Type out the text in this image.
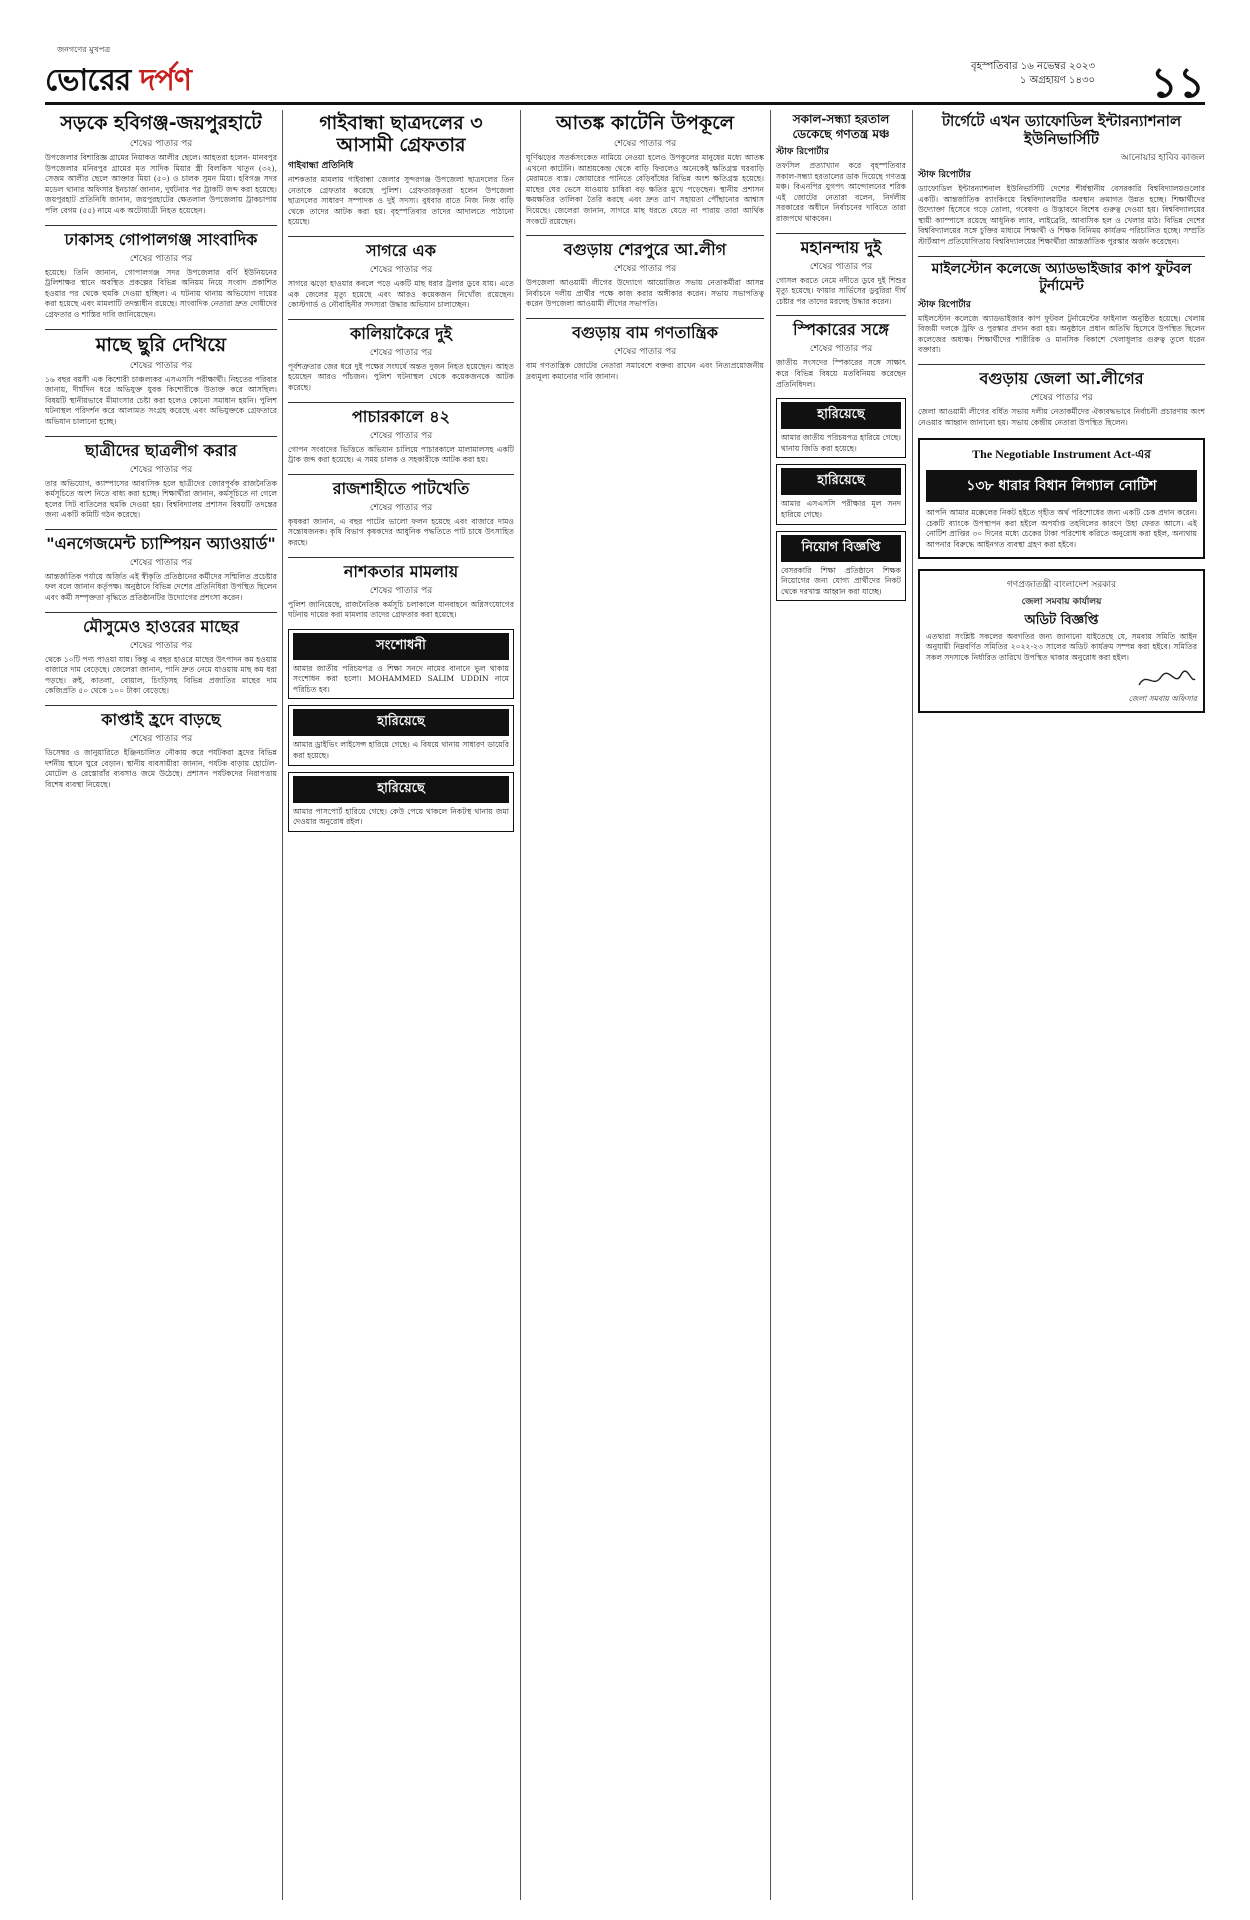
জনগণের মুখপত্র
ভোরের দর্পণ	বৃহস্পতিবার ১৬ নভেম্বর ২০২৩
১ অগ্রহায়ণ ১৪৩০ ১১
সড়কে হবিগঞ্জ-জয়পুরহাটে
শেষের পাতার পর
উপজেলার বিশারিজ্ঞ গ্রামের নিয়াকত আলীর ছেলে। আহতরা হলেন- মানবপুর উপজেলার মনিরপুর গ্রামের মৃত সাদিক মিয়ার স্ত্রী বিলকিস খাতুন (৩২), সেজম আলীর ছেলে আক্তার মিয়া (৫০) ও চালক সুমন মিয়া। হবিগঞ্জ সদর মডেল থানার অফিসার ইনচার্জ জানান, দুর্ঘটনার পর ট্রাকটি জব্দ করা হয়েছে। জয়পুরহাট প্রতিনিধি জানান, জয়পুরহাটের ক্ষেতলাল উপজেলায় ট্রাকচাপায় পলি বেগম (৫৫) নামে এক অটোযাত্রী নিহত হয়েছেন।
ঢাকাসহ গোপালগঞ্জ সাংবাদিক
শেষের পাতার পর
হয়েছে। তিনি জানান, গোপালগঞ্জ সদর উপজেলার বর্ণি ইউনিয়নের ট্রলিশাক্ষর স্থানে অবস্থিত প্রকল্পের বিভিন্ন অনিয়ম নিয়ে সংবাদ প্রকাশিত হওয়ার পর থেকে হুমকি দেওয়া হচ্ছিল। এ ঘটনায় থানায় অভিযোগ দায়ের করা হয়েছে এবং মামলাটি তদন্তাধীন রয়েছে। সাংবাদিক নেতারা দ্রুত দোষীদের গ্রেফতার ও শাস্তির দাবি জানিয়েছেন।
মাছে ছুরি দেখিয়ে
শেষের পাতার পর
১৬ বছর বয়সী এক কিশোরী চাঞ্চল্যকর এসএসসি পরীক্ষার্থী। নিহতের পরিবার জানায়, দীর্ঘদিন ধরে অভিযুক্ত যুবক কিশোরীকে উত্যক্ত করে আসছিল। বিষয়টি স্থানীয়ভাবে মীমাংসার চেষ্টা করা হলেও কোনো সমাধান হয়নি। পুলিশ ঘটনাস্থল পরিদর্শন করে আলামত সংগ্রহ করেছে এবং অভিযুক্তকে গ্রেফতারে অভিযান চালানো হচ্ছে।
ছাত্রীদের ছাত্রলীগ করার
শেষের পাতার পর
তার অভিযোগ, ক্যাম্পাসের আবাসিক হলে ছাত্রীদের জোরপূর্বক রাজনৈতিক কর্মসূচিতে অংশ নিতে বাধ্য করা হচ্ছে। শিক্ষার্থীরা জানান, কর্মসূচিতে না গেলে হলের সিট বাতিলের হুমকি দেওয়া হয়। বিশ্ববিদ্যালয় প্রশাসন বিষয়টি তদন্তের জন্য একটি কমিটি গঠন করেছে।
"এনগেজমেন্ট চ্যাম্পিয়ন অ্যাওয়ার্ড"
শেষের পাতার পর
আন্তর্জাতিক পর্যায়ে অর্জিত এই স্বীকৃতি প্রতিষ্ঠানের কর্মীদের সম্মিলিত প্রচেষ্টার ফল বলে জানান কর্তৃপক্ষ। অনুষ্ঠানে বিভিন্ন দেশের প্রতিনিধিরা উপস্থিত ছিলেন এবং কর্মী সম্পৃক্ততা বৃদ্ধিতে প্রতিষ্ঠানটির উদ্যোগের প্রশংসা করেন।
মৌসুমেও হাওরের মাছের
শেষের পাতার পর
থেকে ১০টি পণ্য পাওয়া যায়। কিন্তু এ বছর হাওরে মাছের উৎপাদন কম হওয়ায় বাজারে দাম বেড়েছে। জেলেরা জানান, পানি দ্রুত নেমে যাওয়ায় মাছ কম ধরা পড়ছে। রুই, কাতলা, বোয়াল, চিংড়িসহ বিভিন্ন প্রজাতির মাছের দাম কেজিপ্রতি ৫০ থেকে ১০০ টাকা বেড়েছে।
কাপ্তাই হ্রদে বাড়ছে
শেষের পাতার পর
ডিসেম্বর ও জানুয়ারিতে ইঞ্জিনচালিত নৌকায় করে পর্যটকরা হ্রদের বিভিন্ন দর্শনীয় স্থানে ঘুরে বেড়ান। স্থানীয় ব্যবসায়ীরা জানান, পর্যটক বাড়ায় হোটেল-মোটেল ও রেস্তোরাঁর ব্যবসাও জমে উঠেছে। প্রশাসন পর্যটকদের নিরাপত্তায় বিশেষ ব্যবস্থা নিয়েছে।
গাইবান্ধা ছাত্রদলের ৩ আসামী গ্রেফতার
গাইবান্ধা প্রতিনিধি
নাশকতার মামলায় গাইবান্ধা জেলার সুন্দরগঞ্জ উপজেলা ছাত্রদলের তিন নেতাকে গ্রেফতার করেছে পুলিশ। গ্রেফতারকৃতরা হলেন উপজেলা ছাত্রদলের সাধারণ সম্পাদক ও দুই সদস্য। বুধবার রাতে নিজ নিজ বাড়ি থেকে তাদের আটক করা হয়। বৃহস্পতিবার তাদের আদালতে পাঠানো হয়েছে।
সাগরে এক
শেষের পাতার পর
সাগরে ঝড়ো হাওয়ার কবলে পড়ে একটি মাছ ধরার ট্রলার ডুবে যায়। এতে এক জেলের মৃত্যু হয়েছে এবং আরও কয়েকজন নিখোঁজ রয়েছেন। কোস্টগার্ড ও নৌবাহিনীর সদস্যরা উদ্ধার অভিযান চালাচ্ছেন।
কালিয়াকৈরে দুই
শেষের পাতার পর
পূর্বশত্রুতার জের ধরে দুই পক্ষের সংঘর্ষে অন্তত দুজন নিহত হয়েছেন। আহত হয়েছেন আরও পাঁচজন। পুলিশ ঘটনাস্থল থেকে কয়েকজনকে আটক করেছে।
পাচারকালে ৪২
শেষের পাতার পর
গোপন সংবাদের ভিত্তিতে অভিযান চালিয়ে পাচারকালে মালামালসহ একটি ট্রাক জব্দ করা হয়েছে। এ সময় চালক ও সহকারীকে আটক করা হয়।
রাজশাহীতে পাটখেতি
শেষের পাতার পর
কৃষকরা জানান, এ বছর পাটের ভালো ফলন হয়েছে এবং বাজারে দামও সন্তোষজনক। কৃষি বিভাগ কৃষকদের আধুনিক পদ্ধতিতে পাট চাষে উৎসাহিত করছে।
নাশকতার মামলায়
শেষের পাতার পর
পুলিশ জানিয়েছে, রাজনৈতিক কর্মসূচি চলাকালে যানবাহনে অগ্নিসংযোগের ঘটনায় দায়ের করা মামলায় তাদের গ্রেফতার করা হয়েছে।
সংশোধনী
আমার জাতীয় পরিচয়পত্র ও শিক্ষা সনদে নামের বানানে ভুল থাকায় সংশোধন করা হলো। MOHAMMED SALIM UDDIN নামে পরিচিত হব।
হারিয়েছে
আমার ড্রাইভিং লাইসেন্স হারিয়ে গেছে। এ বিষয়ে থানায় সাধারণ ডায়েরি করা হয়েছে।
হারিয়েছে
আমার পাসপোর্ট হারিয়ে গেছে। কেউ পেয়ে থাকলে নিকটস্থ থানায় জমা দেওয়ার অনুরোধ রইল।
আতঙ্ক কাটেনি উপকূলে
শেষের পাতার পর
ঘূর্ণিঝড়ের সতর্কসংকেত নামিয়ে নেওয়া হলেও উপকূলের মানুষের মধ্যে আতঙ্ক এখনো কাটেনি। আশ্রয়কেন্দ্র থেকে বাড়ি ফিরলেও অনেকেই ক্ষতিগ্রস্ত ঘরবাড়ি মেরামতে ব্যস্ত। জোয়ারের পানিতে বেড়িবাঁধের বিভিন্ন অংশ ক্ষতিগ্রস্ত হয়েছে। মাছের ঘের ভেসে যাওয়ায় চাষিরা বড় ক্ষতির মুখে পড়েছেন। স্থানীয় প্রশাসন ক্ষয়ক্ষতির তালিকা তৈরি করছে এবং দ্রুত ত্রাণ সহায়তা পৌঁছানোর আশ্বাস দিয়েছে। জেলেরা জানান, সাগরে মাছ ধরতে যেতে না পারায় তারা আর্থিক সংকটে রয়েছেন।
বগুড়ায় শেরপুরে আ.লীগ
শেষের পাতার পর
উপজেলা আওয়ামী লীগের উদ্যোগে আয়োজিত সভায় নেতাকর্মীরা আসন্ন নির্বাচনে দলীয় প্রার্থীর পক্ষে কাজ করার অঙ্গীকার করেন। সভায় সভাপতিত্ব করেন উপজেলা আওয়ামী লীগের সভাপতি।
বগুড়ায় বাম গণতান্ত্রিক
শেষের পাতার পর
বাম গণতান্ত্রিক জোটের নেতারা সমাবেশে বক্তব্য রাখেন এবং নিত্যপ্রয়োজনীয় দ্রব্যমূল্য কমানোর দাবি জানান।
সকাল-সন্ধ্যা হরতাল ডেকেছে গণতন্ত্র মঞ্চ
স্টাফ রিপোর্টার
তফসিল প্রত্যাখ্যান করে বৃহস্পতিবার সকাল-সন্ধ্যা হরতালের ডাক দিয়েছে গণতন্ত্র মঞ্চ। বিএনপির যুগপৎ আন্দোলনের শরিক এই জোটের নেতারা বলেন, নির্দলীয় সরকারের অধীনে নির্বাচনের দাবিতে তারা রাজপথে থাকবেন।
মহানন্দায় দুই
শেষের পাতার পর
গোসল করতে নেমে নদীতে ডুবে দুই শিশুর মৃত্যু হয়েছে। ফায়ার সার্ভিসের ডুবুরিরা দীর্ঘ চেষ্টার পর তাদের মরদেহ উদ্ধার করেন।
স্পিকারের সঙ্গে
শেষের পাতার পর
জাতীয় সংসদের স্পিকারের সঙ্গে সাক্ষাৎ করে বিভিন্ন বিষয়ে মতবিনিময় করেছেন প্রতিনিধিদল।
হারিয়েছে
আমার জাতীয় পরিচয়পত্র হারিয়ে গেছে। থানায় জিডি করা হয়েছে।
হারিয়েছে
আমার এসএসসি পরীক্ষার মূল সনদ হারিয়ে গেছে।
নিয়োগ বিজ্ঞপ্তি
বেসরকারি শিক্ষা প্রতিষ্ঠানে শিক্ষক নিয়োগের জন্য যোগ্য প্রার্থীদের নিকট থেকে দরখাস্ত আহ্বান করা যাচ্ছে।
টার্গেটে এখন ড্যাফোডিল ইন্টারন্যাশনাল ইউনিভার্সিটি
আনোয়ার হাবিব কাজল
স্টাফ রিপোর্টার
ড্যাফোডিল ইন্টারন্যাশনাল ইউনিভার্সিটি দেশের শীর্ষস্থানীয় বেসরকারি বিশ্ববিদ্যালয়গুলোর একটি। আন্তর্জাতিক র‍্যাংকিংয়ে বিশ্ববিদ্যালয়টির অবস্থান ক্রমাগত উন্নত হচ্ছে। শিক্ষার্থীদের উদ্যোক্তা হিসেবে গড়ে তোলা, গবেষণা ও উদ্ভাবনে বিশেষ গুরুত্ব দেওয়া হয়। বিশ্ববিদ্যালয়ের স্থায়ী ক্যাম্পাসে রয়েছে আধুনিক ল্যাব, লাইব্রেরি, আবাসিক হল ও খেলার মাঠ। বিভিন্ন দেশের বিশ্ববিদ্যালয়ের সঙ্গে চুক্তির মাধ্যমে শিক্ষার্থী ও শিক্ষক বিনিময় কার্যক্রম পরিচালিত হচ্ছে। সম্প্রতি স্টার্টআপ প্রতিযোগিতায় বিশ্ববিদ্যালয়ের শিক্ষার্থীরা আন্তর্জাতিক পুরস্কার অর্জন করেছেন।
মাইলস্টোন কলেজে অ্যাডভাইজার কাপ ফুটবল টুর্নামেন্ট
স্টাফ রিপোর্টার
মাইলস্টোন কলেজে অ্যাডভাইজার কাপ ফুটবল টুর্নামেন্টের ফাইনাল অনুষ্ঠিত হয়েছে। খেলায় বিজয়ী দলকে ট্রফি ও পুরস্কার প্রদান করা হয়। অনুষ্ঠানে প্রধান অতিথি হিসেবে উপস্থিত ছিলেন কলেজের অধ্যক্ষ। শিক্ষার্থীদের শারীরিক ও মানসিক বিকাশে খেলাধুলার গুরুত্ব তুলে ধরেন বক্তারা।
বগুড়ায় জেলা আ.লীগের
শেষের পাতার পর
জেলা আওয়ামী লীগের বর্ধিত সভায় দলীয় নেতাকর্মীদের ঐক্যবদ্ধভাবে নির্বাচনী প্রচারণায় অংশ নেওয়ার আহ্বান জানানো হয়। সভায় কেন্দ্রীয় নেতারা উপস্থিত ছিলেন।
The Negotiable Instrument Act-এর
১৩৮ ধারার বিধান লিগ্যাল নোটিশ
আপনি আমার মক্কেলের নিকট হইতে গৃহীত অর্থ পরিশোধের জন্য একটি চেক প্রদান করেন। চেকটি ব্যাংকে উপস্থাপন করা হইলে অপর্যাপ্ত তহবিলের কারণে উহা ফেরত আসে। এই নোটিশ প্রাপ্তির ৩০ দিনের মধ্যে চেকের টাকা পরিশোধ করিতে অনুরোধ করা হইল, অন্যথায় আপনার বিরুদ্ধে আইনগত ব্যবস্থা গ্রহণ করা হইবে।
গণপ্রজাতন্ত্রী বাংলাদেশ সরকার
জেলা সমবায় কার্যালয়
অডিট বিজ্ঞপ্তি
এতদ্বারা সংশ্লিষ্ট সকলের অবগতির জন্য জানানো যাইতেছে যে, সমবায় সমিতি আইন অনুযায়ী নিম্নবর্ণিত সমিতির ২০২২-২৩ সালের অডিট কার্যক্রম সম্পন্ন করা হইবে। সমিতির সকল সদস্যকে নির্ধারিত তারিখে উপস্থিত থাকার অনুরোধ করা হইল।
জেলা সমবায় অফিসার
